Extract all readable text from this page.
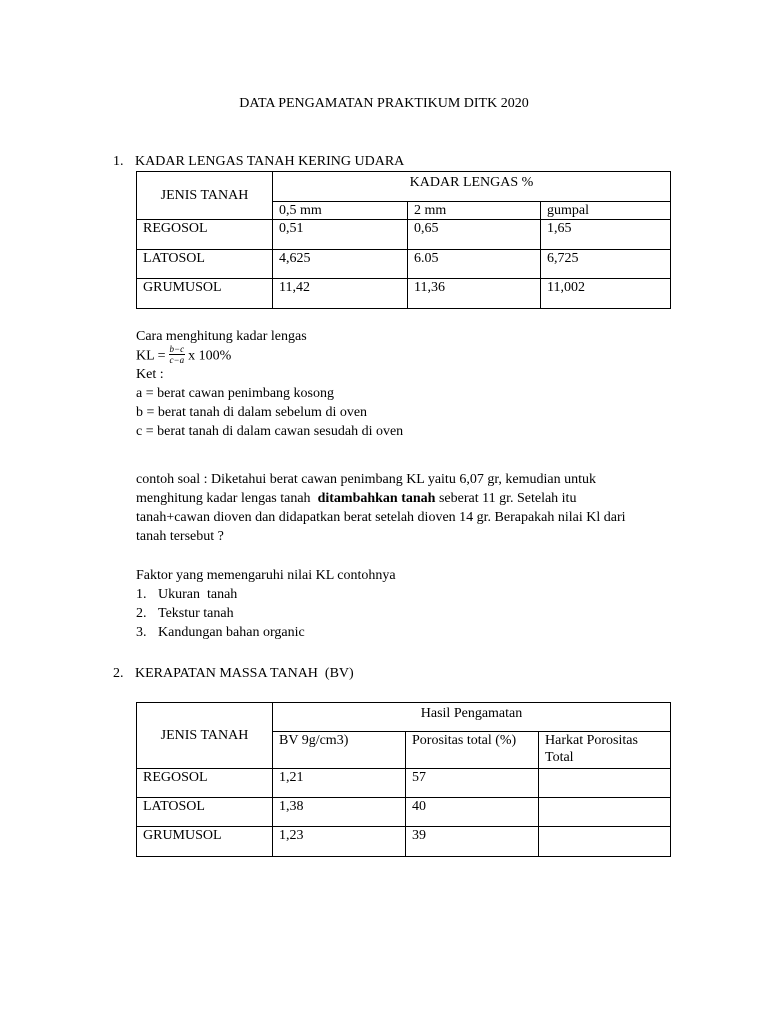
DATA PENGAMATAN PRAKTIKUM DITK 2020
1. KADAR LENGAS TANAH KERING UDARA
JENIS TANAH	KADAR LENGAS %		
	0,5 mm	2 mm	gumpal
REGOSOL	0,51	0,65	1,65
LATOSOL	4,625	6.05	6,725
GRUMUSOL	11,42	11,36	11,002
Cara menghitung kadar lengas
KL = $\frac{b-c}{c-a}$ x 100%
Ket :
a = berat cawan penimbang kosong
b = berat tanah di dalam sebelum di oven
c = berat tanah di dalam cawan sesudah di oven
contoh soal : Diketahui berat cawan penimbang KL yaitu 6,07 gr, kemudian untuk
menghitung kadar lengas tanah  ditambahkan tanah seberat 11 gr. Setelah itu
tanah+cawan dioven dan didapatkan berat setelah dioven 14 gr. Berapakah nilai Kl dari
tanah tersebut ?
Faktor yang memengaruhi nilai KL contohnya
1. Ukuran  tanah
2. Tekstur tanah
3. Kandungan bahan organic
2. KERAPATAN MASSA TANAH  (BV)
JENIS TANAH	Hasil Pengamatan		
	BV 9g/cm3)	Porositas total (%)	Harkat Porositas Total
REGOSOL	1,21	57	
LATOSOL	1,38	40	
GRUMUSOL	1,23	39	
